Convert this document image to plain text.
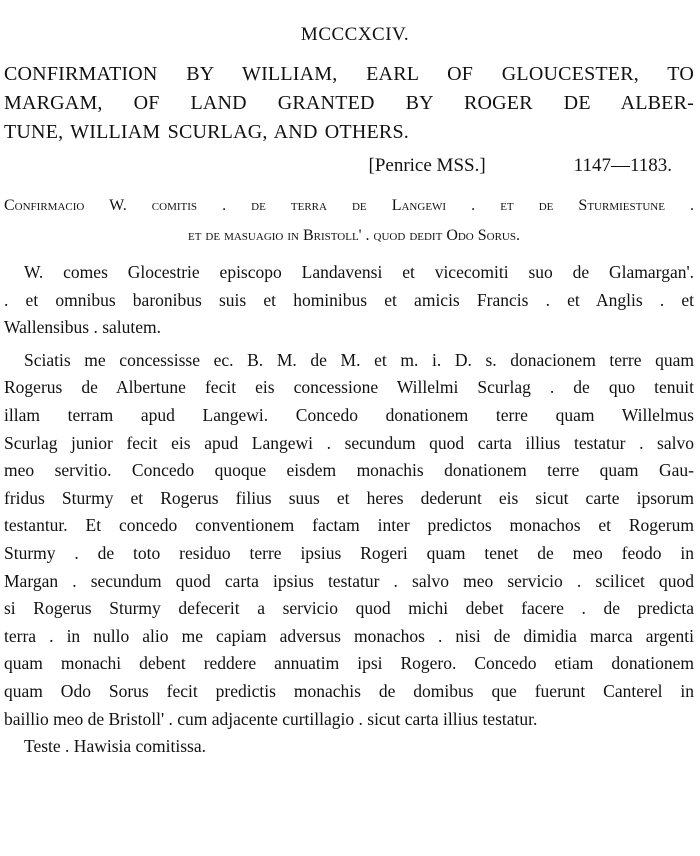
MCCCXCIV.
CONFIRMATION BY WILLIAM, EARL OF GLOUCESTER, TO
MARGAM, OF LAND GRANTED BY ROGER DE ALBER-
TUNE, WILLIAM SCURLAG, AND OTHERS.
[Penrice MSS.]	1147—1183.
Confirmacio W. comitis . de terra de Langewi . et de Sturmiestune .
et de masuagio in Bristoll' . quod dedit Odo Sorus.
W. comes Glocestrie episcopo Landavensi et vicecomiti suo de Glamargan'.
. et omnibus baronibus suis et hominibus et amicis Francis . et Anglis . et
Wallensibus . salutem.
Sciatis me concessisse ec. B. M. de M. et m. i. D. s. donacionem terre quam
Rogerus de Albertune fecit eis concessione Willelmi Scurlag . de quo tenuit
illam terram apud Langewi. Concedo donationem terre quam Willelmus
Scurlag junior fecit eis apud Langewi . secundum quod carta illius testatur . salvo
meo servitio. Concedo quoque eisdem monachis donationem terre quam Gau-
fridus Sturmy et Rogerus filius suus et heres dederunt eis sicut carte ipsorum
testantur. Et concedo conventionem factam inter predictos monachos et Rogerum
Sturmy . de toto residuo terre ipsius Rogeri quam tenet de meo feodo in
Margan . secundum quod carta ipsius testatur . salvo meo servicio . scilicet quod
si Rogerus Sturmy defecerit a servicio quod michi debet facere . de predicta
terra . in nullo alio me capiam adversus monachos . nisi de dimidia marca argenti
quam monachi debent reddere annuatim ipsi Rogero. Concedo etiam donationem
quam Odo Sorus fecit predictis monachis de domibus que fuerunt Canterel in
baillio meo de Bristoll' . cum adjacente curtillagio . sicut carta illius testatur.
Teste . Hawisia comitissa.
